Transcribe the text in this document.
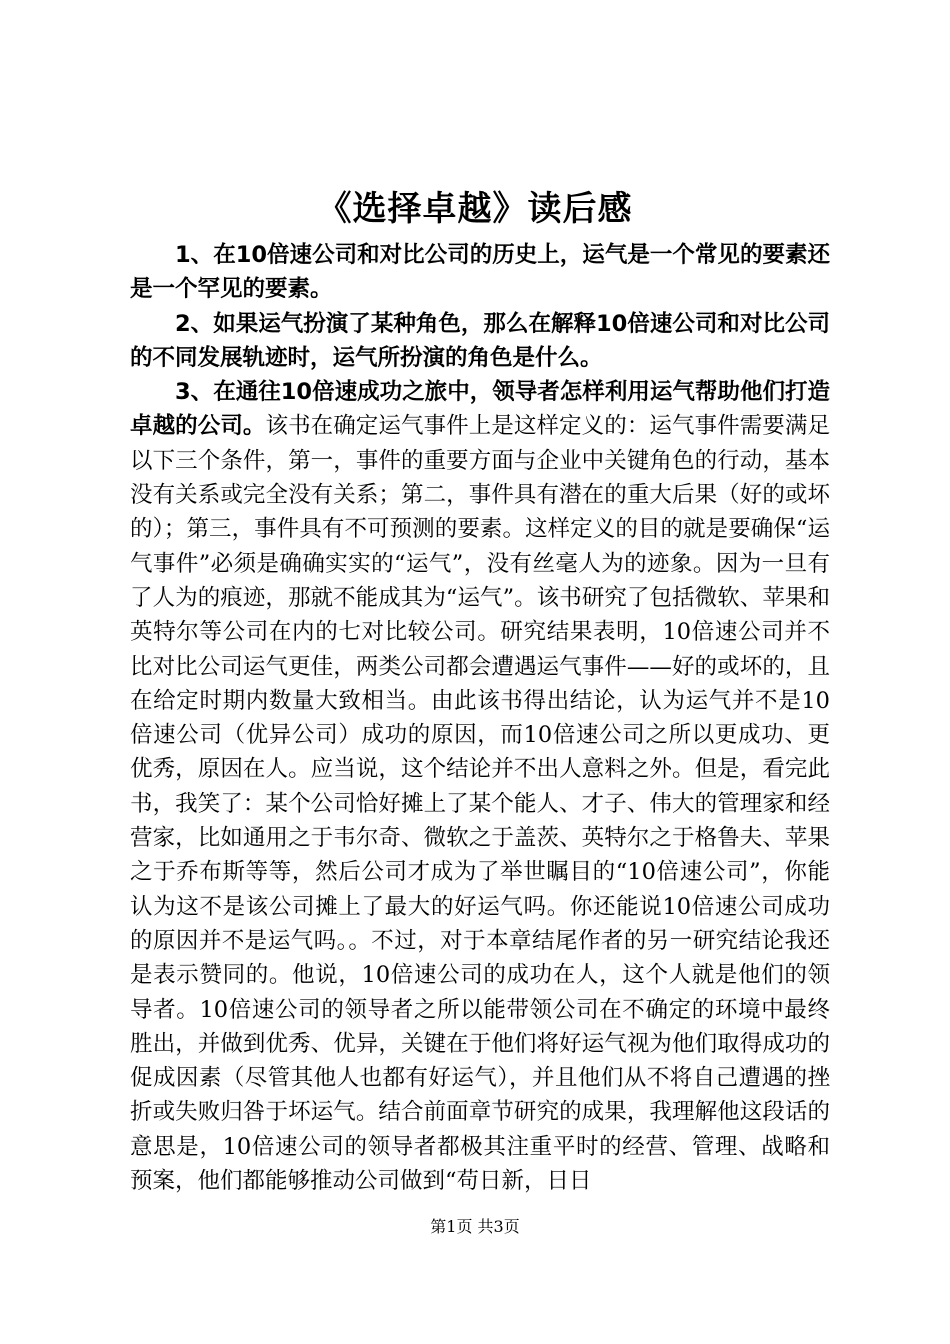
《选择卓越》读后感

1、在10倍速公司和对比公司的历史上，运气是一个常见的要素还是一个罕见的要素。

2、如果运气扮演了某种角色，那么在解释10倍速公司和对比公司的不同发展轨迹时，运气所扮演的角色是什么。

3、在通往10倍速成功之旅中，领导者怎样利用运气帮助他们打造卓越的公司。该书在确定运气事件上是这样定义的：运气事件需要满足以下三个条件，第一，事件的重要方面与企业中关键角色的行动，基本没有关系或完全没有关系；第二，事件具有潜在的重大后果（好的或坏的）；第三，事件具有不可预测的要素。这样定义的目的就是要确保“运气事件”必须是确确实实的“运气”，没有丝毫人为的迹象。因为一旦有了人为的痕迹，那就不能成其为“运气”。该书研究了包括微软、苹果和英特尔等公司在内的七对比较公司。研究结果表明，10倍速公司并不比对比公司运气更佳，两类公司都会遭遇运气事件——好的或坏的，且在给定时期内数量大致相当。由此该书得出结论，认为运气并不是10倍速公司（优异公司）成功的原因，而10倍速公司之所以更成功、更优秀，原因在人。应当说，这个结论并不出人意料之外。但是，看完此书，我笑了：某个公司恰好摊上了某个能人、才子、伟大的管理家和经营家，比如通用之于韦尔奇、微软之于盖茨、英特尔之于格鲁夫、苹果之于乔布斯等等，然后公司才成为了举世瞩目的“10倍速公司”，你能认为这不是该公司摊上了最大的好运气吗。你还能说10倍速公司成功的原因并不是运气吗。。不过，对于本章结尾作者的另一研究结论我还是表示赞同的。他说，10倍速公司的成功在人，这个人就是他们的领导者。10倍速公司的领导者之所以能带领公司在不确定的环境中最终胜出，并做到优秀、优异，关键在于他们将好运气视为他们取得成功的促成因素（尽管其他人也都有好运气），并且他们从不将自己遭遇的挫折或失败归咎于坏运气。结合前面章节研究的成果，我理解他这段话的意思是，10倍速公司的领导者都极其注重平时的经营、管理、战略和预案，他们都能够推动公司做到“苟日新，日日

第1页 共3页
